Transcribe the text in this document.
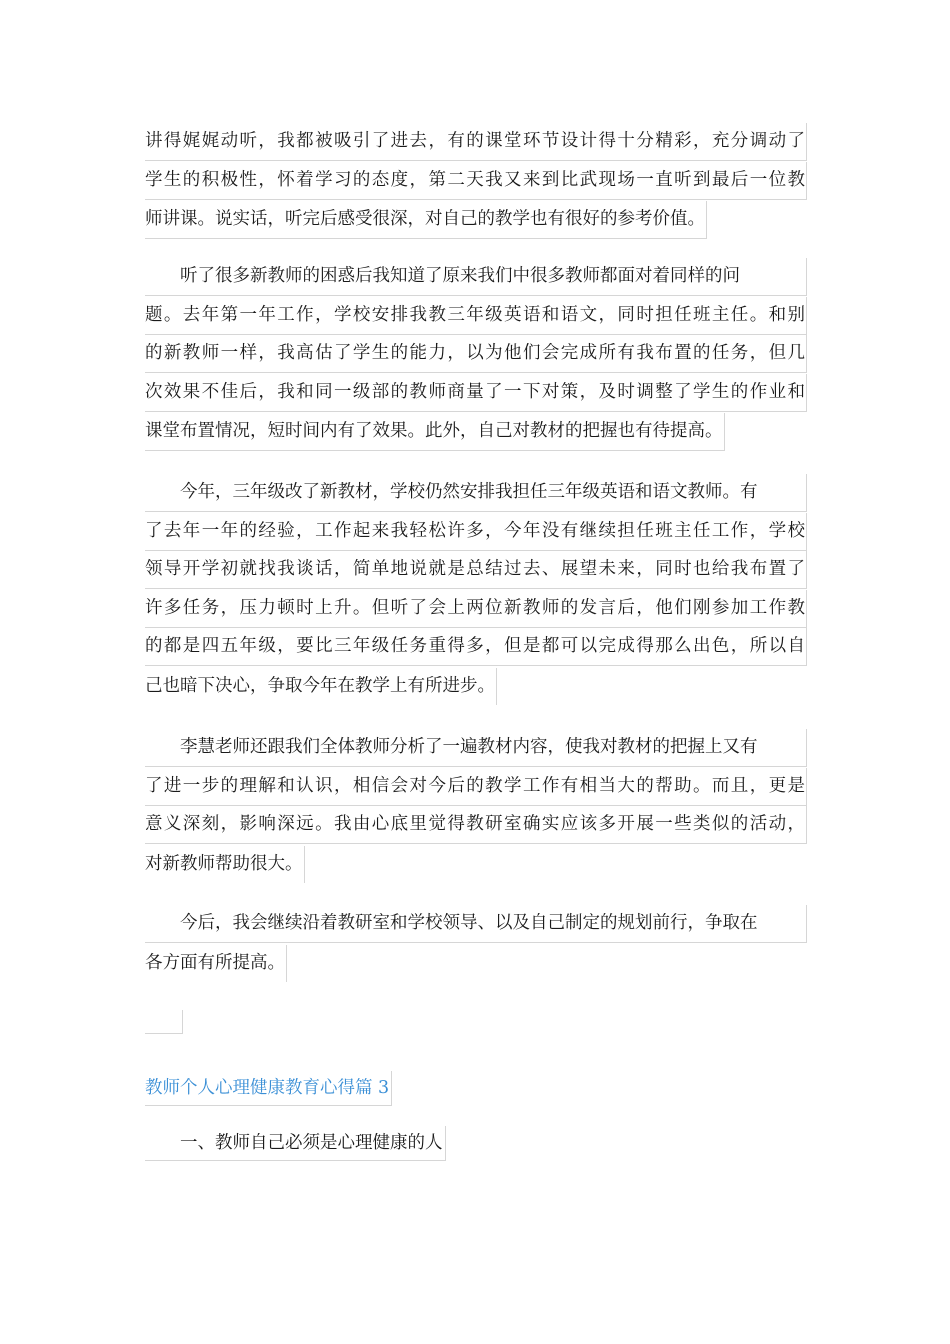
讲得娓娓动听，我都被吸引了进去，有的课堂环节设计得十分精彩，充分调动了
学生的积极性，怀着学习的态度，第二天我又来到比武现场一直听到最后一位教
师讲课。说实话，听完后感受很深，对自己的教学也有很好的参考价值。
听了很多新教师的困惑后我知道了原来我们中很多教师都面对着同样的问
题。去年第一年工作，学校安排我教三年级英语和语文，同时担任班主任。和别
的新教师一样，我高估了学生的能力，以为他们会完成所有我布置的任务，但几
次效果不佳后，我和同一级部的教师商量了一下对策，及时调整了学生的作业和
课堂布置情况，短时间内有了效果。此外，自己对教材的把握也有待提高。
今年，三年级改了新教材，学校仍然安排我担任三年级英语和语文教师。有
了去年一年的经验，工作起来我轻松许多，今年没有继续担任班主任工作，学校
领导开学初就找我谈话，简单地说就是总结过去、展望未来，同时也给我布置了
许多任务，压力顿时上升。但听了会上两位新教师的发言后，他们刚参加工作教
的都是四五年级，要比三年级任务重得多，但是都可以完成得那么出色，所以自
己也暗下决心，争取今年在教学上有所进步。
李慧老师还跟我们全体教师分析了一遍教材内容，使我对教材的把握上又有
了进一步的理解和认识，相信会对今后的教学工作有相当大的帮助。而且，更是
意义深刻，影响深远。我由心底里觉得教研室确实应该多开展一些类似的活动，
对新教师帮助很大。
今后，我会继续沿着教研室和学校领导、以及自己制定的规划前行，争取在
各方面有所提高。
教师个人心理健康教育心得篇 3
一、教师自己必须是心理健康的人
